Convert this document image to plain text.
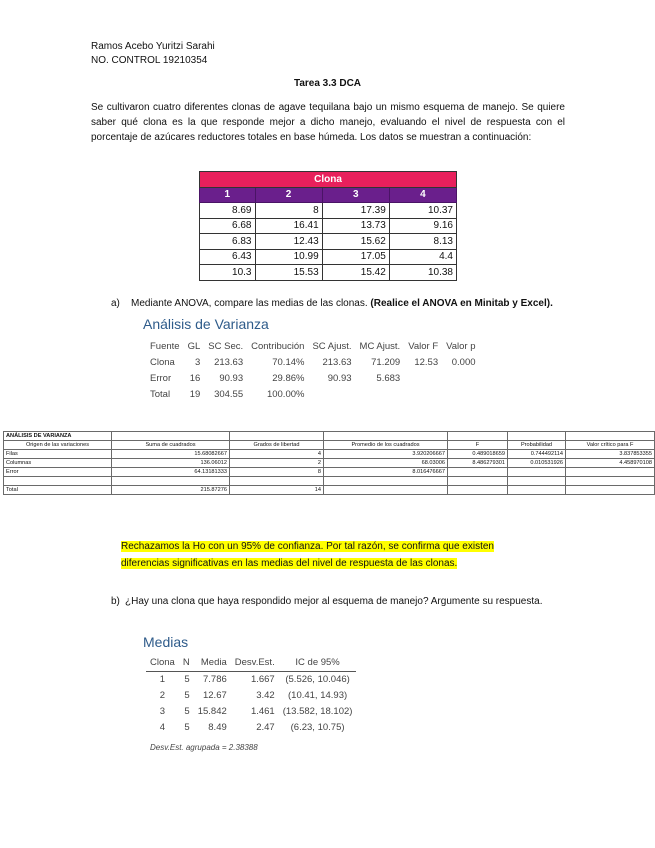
Ramos Acebo Yuritzi Sarahi
NO. CONTROL 19210354
Tarea 3.3 DCA

Se cultivaron cuatro diferentes clonas de agave tequilana bajo un mismo esquema de manejo. Se quiere saber qué clona es la que responde mejor a dicho manejo, evaluando el nivel de respuesta con el porcentaje de azúcares reductores totales en base húmeda. Los datos se muestran a continuación:

Clona			
1	2	3	4
8.69	8	17.39	10.37
6.68	16.41	13.73	9.16
6.83	12.43	15.62	8.13
6.43	10.99	17.05	4.4
10.3	15.53	15.42	10.38
a) Mediante ANOVA, compare las medias de las clonas. (Realice el ANOVA en Minitab y Excel).
Análisis de Varianza
Fuente	GL	SC Sec.	Contribución	SC Ajust.	MC Ajust.	Valor F	Valor p
Clona	3	213.63	70.14%	213.63	71.209	12.53	0.000
Error	16	90.93	29.86%	90.93	5.683		
Total	19	304.55	100.00%				
ANÁLISIS DE VARIANZA						
Origen de las variaciones	Suma de cuadrados	Grados de libertad	Promedio de los cuadrados	F	Probabilidad	Valor crítico para F
Filas	15.68082667	4	3.920206667	0.489018659	0.744492114	3.837853355
Columnas	136.06012	2	68.03006	8.486279301	0.010531926	4.458970108
Error	64.13181333	8	8.016476667			

Total	215.87276	14				
Rechazamos la Ho con un 95% de confianza. Por tal razón, se confirma que existen
diferencias significativas en las medias del nivel de respuesta de las clonas.
b) ¿Hay una clona que haya respondido mejor al esquema de manejo? Argumente su respuesta.

Medias
Clona	N	Media	Desv.Est.	IC de 95%
1	5	7.786	1.667	(5.526, 10.046)
2	5	12.67	3.42	(10.41, 14.93)
3	5	15.842	1.461	(13.582, 18.102)
4	5	8.49	2.47	(6.23, 10.75)
Desv.Est. agrupada = 2.38388
